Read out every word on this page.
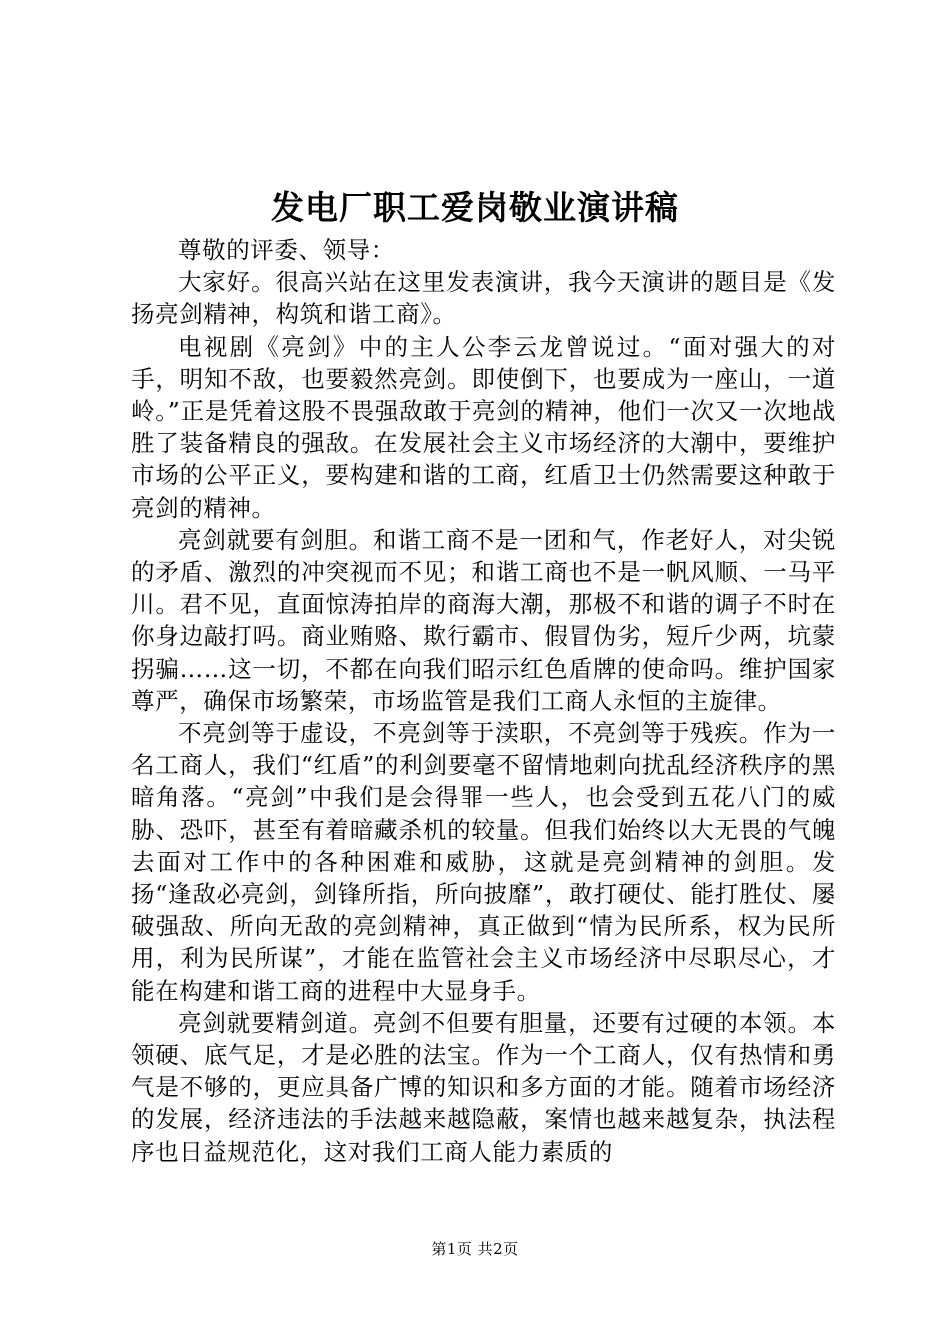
发电厂职工爱岗敬业演讲稿

尊敬的评委、领导：

大家好。很高兴站在这里发表演讲，我今天演讲的题目是《发扬亮剑精神，构筑和谐工商》。

电视剧《亮剑》中的主人公李云龙曾说过。“面对强大的对手，明知不敌，也要毅然亮剑。即使倒下，也要成为一座山，一道岭。”正是凭着这股不畏强敌敢于亮剑的精神，他们一次又一次地战胜了装备精良的强敌。在发展社会主义市场经济的大潮中，要维护市场的公平正义，要构建和谐的工商，红盾卫士仍然需要这种敢于亮剑的精神。

亮剑就要有剑胆。和谐工商不是一团和气，作老好人，对尖锐的矛盾、激烈的冲突视而不见；和谐工商也不是一帆风顺、一马平川。君不见，直面惊涛拍岸的商海大潮，那极不和谐的调子不时在你身边敲打吗。商业贿赂、欺行霸市、假冒伪劣，短斤少两，坑蒙拐骗……这一切，不都在向我们昭示红色盾牌的使命吗。维护国家尊严，确保市场繁荣，市场监管是我们工商人永恒的主旋律。

不亮剑等于虚设，不亮剑等于渎职，不亮剑等于残疾。作为一名工商人，我们“红盾”的利剑要毫不留情地刺向扰乱经济秩序的黑暗角落。“亮剑”中我们是会得罪一些人，也会受到五花八门的威胁、恐吓，甚至有着暗藏杀机的较量。但我们始终以大无畏的气魄去面对工作中的各种困难和威胁，这就是亮剑精神的剑胆。发扬“逢敌必亮剑，剑锋所指，所向披靡”，敢打硬仗、能打胜仗、屡破强敌、所向无敌的亮剑精神，真正做到“情为民所系，权为民所用，利为民所谋”，才能在监管社会主义市场经济中尽职尽心，才能在构建和谐工商的进程中大显身手。

亮剑就要精剑道。亮剑不但要有胆量，还要有过硬的本领。本领硬、底气足，才是必胜的法宝。作为一个工商人，仅有热情和勇气是不够的，更应具备广博的知识和多方面的才能。随着市场经济的发展，经济违法的手法越来越隐蔽，案情也越来越复杂，执法程序也日益规范化，这对我们工商人能力素质的

第1页 共2页
